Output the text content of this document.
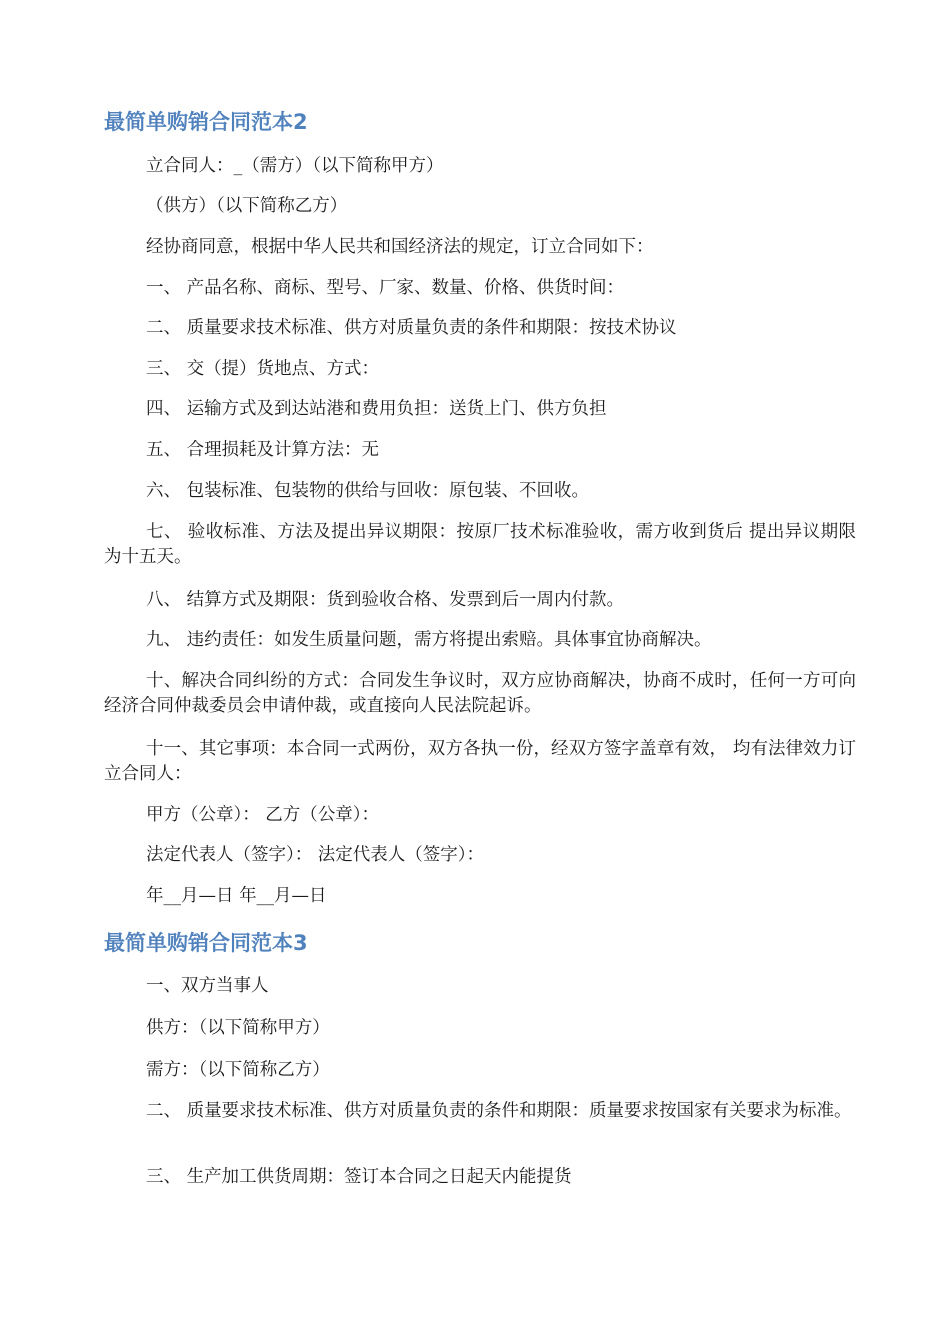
最简单购销合同范本2

立合同人：_（需方）（以下简称甲方）

（供方）（以下简称乙方）

经协商同意，根据中华人民共和国经济法的规定，订立合同如下：

一、 产品名称、商标、型号、厂家、数量、价格、供货时间：

二、 质量要求技术标准、供方对质量负责的条件和期限：按技术协议

三、 交（提）货地点、方式：

四、 运输方式及到达站港和费用负担：送货上门、供方负担

五、 合理损耗及计算方法：无

六、 包装标准、包装物的供给与回收：原包装、不回收。

七、 验收标准、方法及提出异议期限：按原厂技术标准验收，需方收到货后 提出异议期限为十五天。

八、 结算方式及期限：货到验收合格、发票到后一周内付款。

九、 违约责任：如发生质量问题，需方将提出索赔。具体事宜协商解决。

十、解决合同纠纷的方式：合同发生争议时，双方应协商解决，协商不成时，任何一方可向经济合同仲裁委员会申请仲裁，或直接向人民法院起诉。

十一、其它事项：本合同一式两份，双方各执一份，经双方签字盖章有效， 均有法律效力订立合同人：

甲方（公章）： 乙方（公章）：

法定代表人（签字）： 法定代表人（签字）：

年__月—日 年__月—日

最简单购销合同范本3

一、双方当事人

供方：（以下简称甲方）

需方：（以下简称乙方）

二、 质量要求技术标准、供方对质量负责的条件和期限：质量要求按国家有关要求为标准。

三、 生产加工供货周期：签订本合同之日起天内能提货
